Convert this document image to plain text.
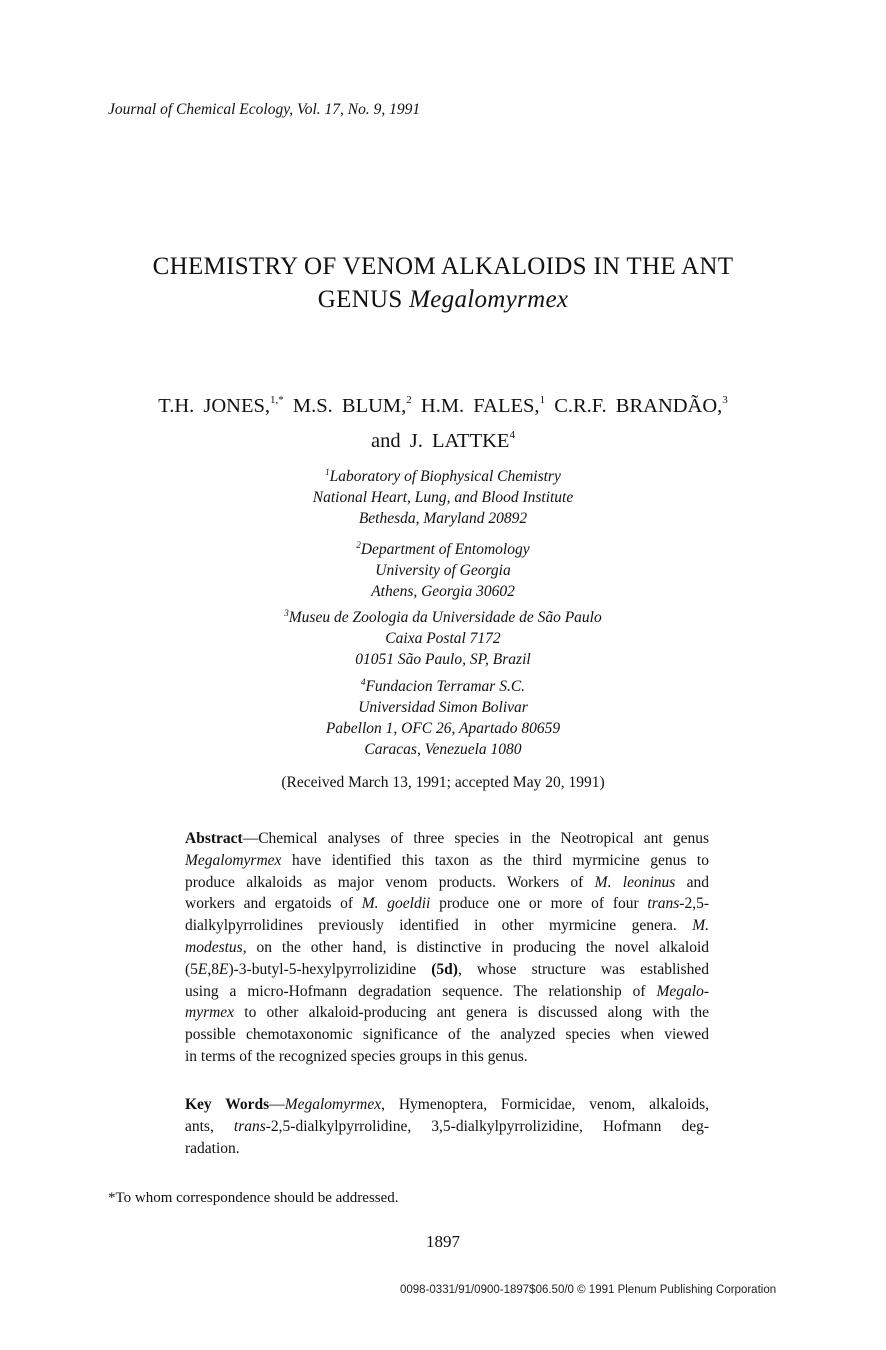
Journal of Chemical Ecology, Vol. 17, No. 9, 1991
CHEMISTRY OF VENOM ALKALOIDS IN THE ANT
GENUS Megalomyrmex
T.H. JONES,$^{1,*}$ M.S. BLUM,$^2$ H.M. FALES,$^1$ C.R.F. BRANDÃO,$^3$
and J. LATTKE$^4$
$^1$Laboratory of Biophysical Chemistry
National Heart, Lung, and Blood Institute
Bethesda, Maryland 20892
$^2$Department of Entomology
University of Georgia
Athens, Georgia 30602
$^3$Museu de Zoologia da Universidade de São Paulo
Caixa Postal 7172
01051 São Paulo, SP, Brazil
$^4$Fundacion Terramar S.C.
Universidad Simon Bolivar
Pabellon 1, OFC 26, Apartado 80659
Caracas, Venezuela 1080
(Received March 13, 1991; accepted May 20, 1991)
Abstract—Chemical analyses of three species in the Neotropical ant genus
Megalomyrmex have identified this taxon as the third myrmicine genus to
produce alkaloids as major venom products. Workers of M. leoninus and
workers and ergatoids of M. goeldii produce one or more of four trans-2,5-
dialkylpyrrolidines previously identified in other myrmicine genera. M.
modestus, on the other hand, is distinctive in producing the novel alkaloid
(5E,8E)-3-butyl-5-hexylpyrrolizidine (5d), whose structure was established
using a micro-Hofmann degradation sequence. The relationship of Megalo-
myrmex to other alkaloid-producing ant genera is discussed along with the
possible chemotaxonomic significance of the analyzed species when viewed
in terms of the recognized species groups in this genus.
Key Words—Megalomyrmex, Hymenoptera, Formicidae, venom, alkaloids,
ants, trans-2,5-dialkylpyrrolidine, 3,5-dialkylpyrrolizidine, Hofmann deg-
radation.
*To whom correspondence should be addressed.
1897
0098-0331/91/0900-1897$06.50/0 © 1991 Plenum Publishing Corporation
